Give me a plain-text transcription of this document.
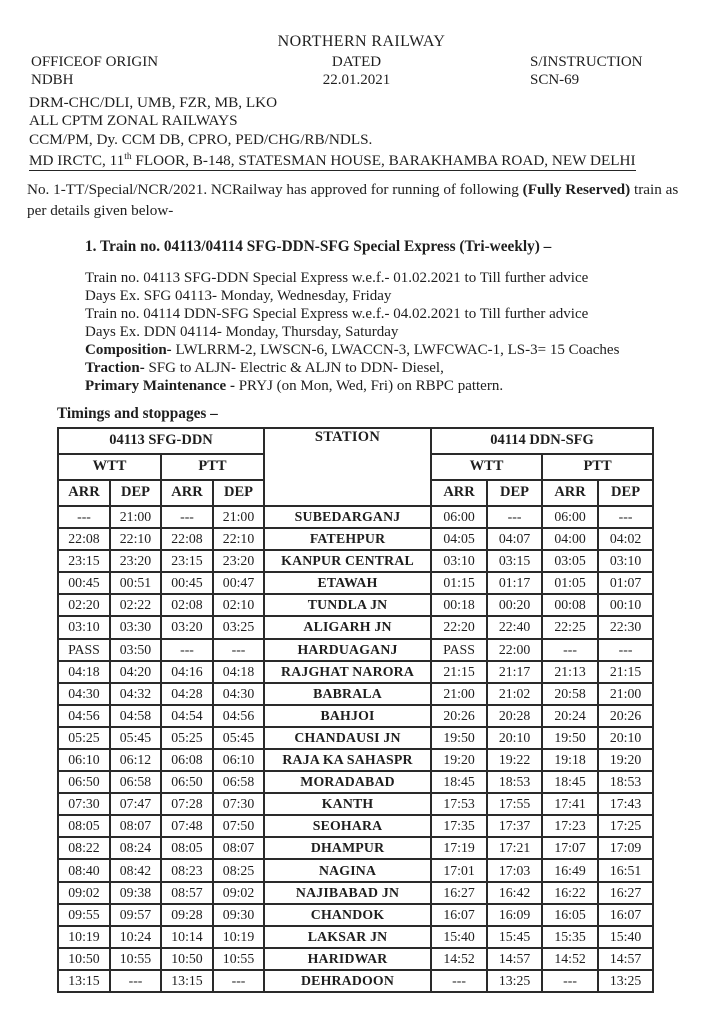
NORTHERN RAILWAY
OFFICEOF ORIGIN	DATED	S/INSTRUCTION
NDBH	22.01.2021	SCN-69
DRM-CHC/DLI, UMB, FZR, MB, LKO
ALL CPTM ZONAL RAILWAYS
CCM/PM, Dy. CCM DB, CPRO, PED/CHG/RB/NDLS.
MD IRCTC, 11th FLOOR, B-148, STATESMAN HOUSE, BARAKHAMBA ROAD, NEW DELHI
No. 1-TT/Special/NCR/2021. NCRailway has approved for running of following (Fully Reserved) train as per details given below-
1. Train no. 04113/04114 SFG-DDN-SFG Special Express (Tri-weekly) –
Train no. 04113 SFG-DDN Special Express w.e.f.- 01.02.2021 to Till further advice
Days Ex. SFG 04113- Monday, Wednesday, Friday
Train no. 04114 DDN-SFG Special Express w.e.f.- 04.02.2021 to Till further advice
Days Ex. DDN 04114- Monday, Thursday, Saturday
Composition- LWLRRM-2, LWSCN-6, LWACCN-3, LWFCWAC-1, LS-3= 15 Coaches
Traction- SFG to ALJN- Electric & ALJN to DDN- Diesel,
Primary Maintenance - PRYJ (on Mon, Wed, Fri) on RBPC pattern.
Timings and stoppages –
04113 SFG-DDN				STATION	04114 DDN-SFG			
WTT		PTT			WTT		PTT	
ARR	DEP	ARR	DEP		ARR	DEP	ARR	DEP
---	21:00	---	21:00	SUBEDARGANJ	06:00	---	06:00	---
22:08	22:10	22:08	22:10	FATEHPUR	04:05	04:07	04:00	04:02
23:15	23:20	23:15	23:20	KANPUR CENTRAL	03:10	03:15	03:05	03:10
00:45	00:51	00:45	00:47	ETAWAH	01:15	01:17	01:05	01:07
02:20	02:22	02:08	02:10	TUNDLA JN	00:18	00:20	00:08	00:10
03:10	03:30	03:20	03:25	ALIGARH JN	22:20	22:40	22:25	22:30
PASS	03:50	---	---	HARDUAGANJ	PASS	22:00	---	---
04:18	04:20	04:16	04:18	RAJGHAT NARORA	21:15	21:17	21:13	21:15
04:30	04:32	04:28	04:30	BABRALA	21:00	21:02	20:58	21:00
04:56	04:58	04:54	04:56	BAHJOI	20:26	20:28	20:24	20:26
05:25	05:45	05:25	05:45	CHANDAUSI JN	19:50	20:10	19:50	20:10
06:10	06:12	06:08	06:10	RAJA KA SAHASPR	19:20	19:22	19:18	19:20
06:50	06:58	06:50	06:58	MORADABAD	18:45	18:53	18:45	18:53
07:30	07:47	07:28	07:30	KANTH	17:53	17:55	17:41	17:43
08:05	08:07	07:48	07:50	SEOHARA	17:35	17:37	17:23	17:25
08:22	08:24	08:05	08:07	DHAMPUR	17:19	17:21	17:07	17:09
08:40	08:42	08:23	08:25	NAGINA	17:01	17:03	16:49	16:51
09:02	09:38	08:57	09:02	NAJIBABAD JN	16:27	16:42	16:22	16:27
09:55	09:57	09:28	09:30	CHANDOK	16:07	16:09	16:05	16:07
10:19	10:24	10:14	10:19	LAKSAR JN	15:40	15:45	15:35	15:40
10:50	10:55	10:50	10:55	HARIDWAR	14:52	14:57	14:52	14:57
13:15	---	13:15	---	DEHRADOON	---	13:25	---	13:25
